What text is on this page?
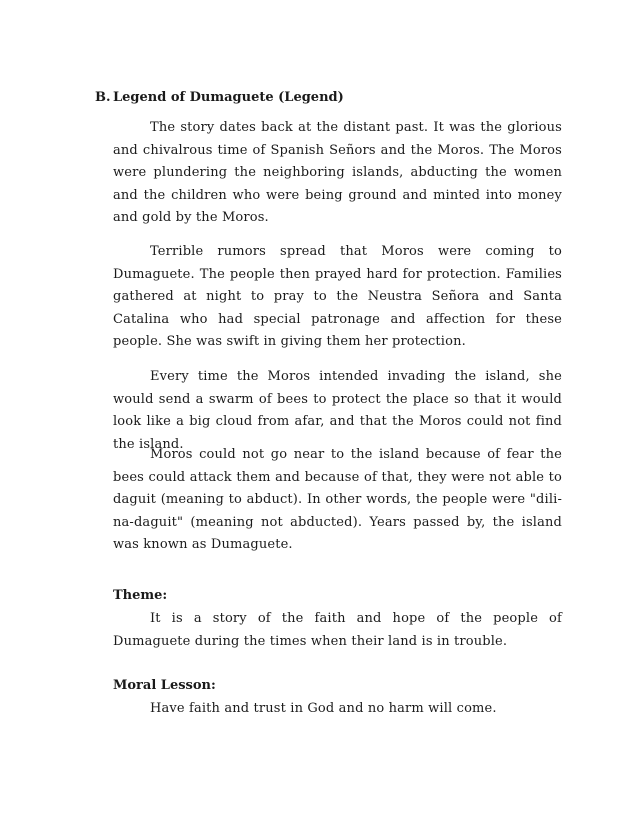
B. Legend of Dumaguete (Legend)

The story dates back at the distant past. It was the glorious and chivalrous time of Spanish Señors and the Moros. The Moros were plundering the neighboring islands, abducting the women and the children who were being ground and minted into money and gold by the Moros.

Terrible rumors spread that Moros were coming to Dumaguete. The people then prayed hard for protection. Families gathered at night to pray to the Neustra Señora and Santa Catalina who had special patronage and affection for these people. She was swift in giving them her protection.

Every time the Moros intended invading the island, she would send a swarm of bees to protect the place so that it would look like a big cloud from afar, and that the Moros could not find the island.

Moros could not go near to the island because of fear the bees could attack them and because of that, they were not able to daguit (meaning to abduct). In other words, the people were "dili-na-daguit" (meaning not abducted). Years passed by, the island was known as Dumaguete.

Theme:

It is a story of the faith and hope of the people of Dumaguete during the times when their land is in trouble.

Moral Lesson:

Have faith and trust in God and no harm will come.
